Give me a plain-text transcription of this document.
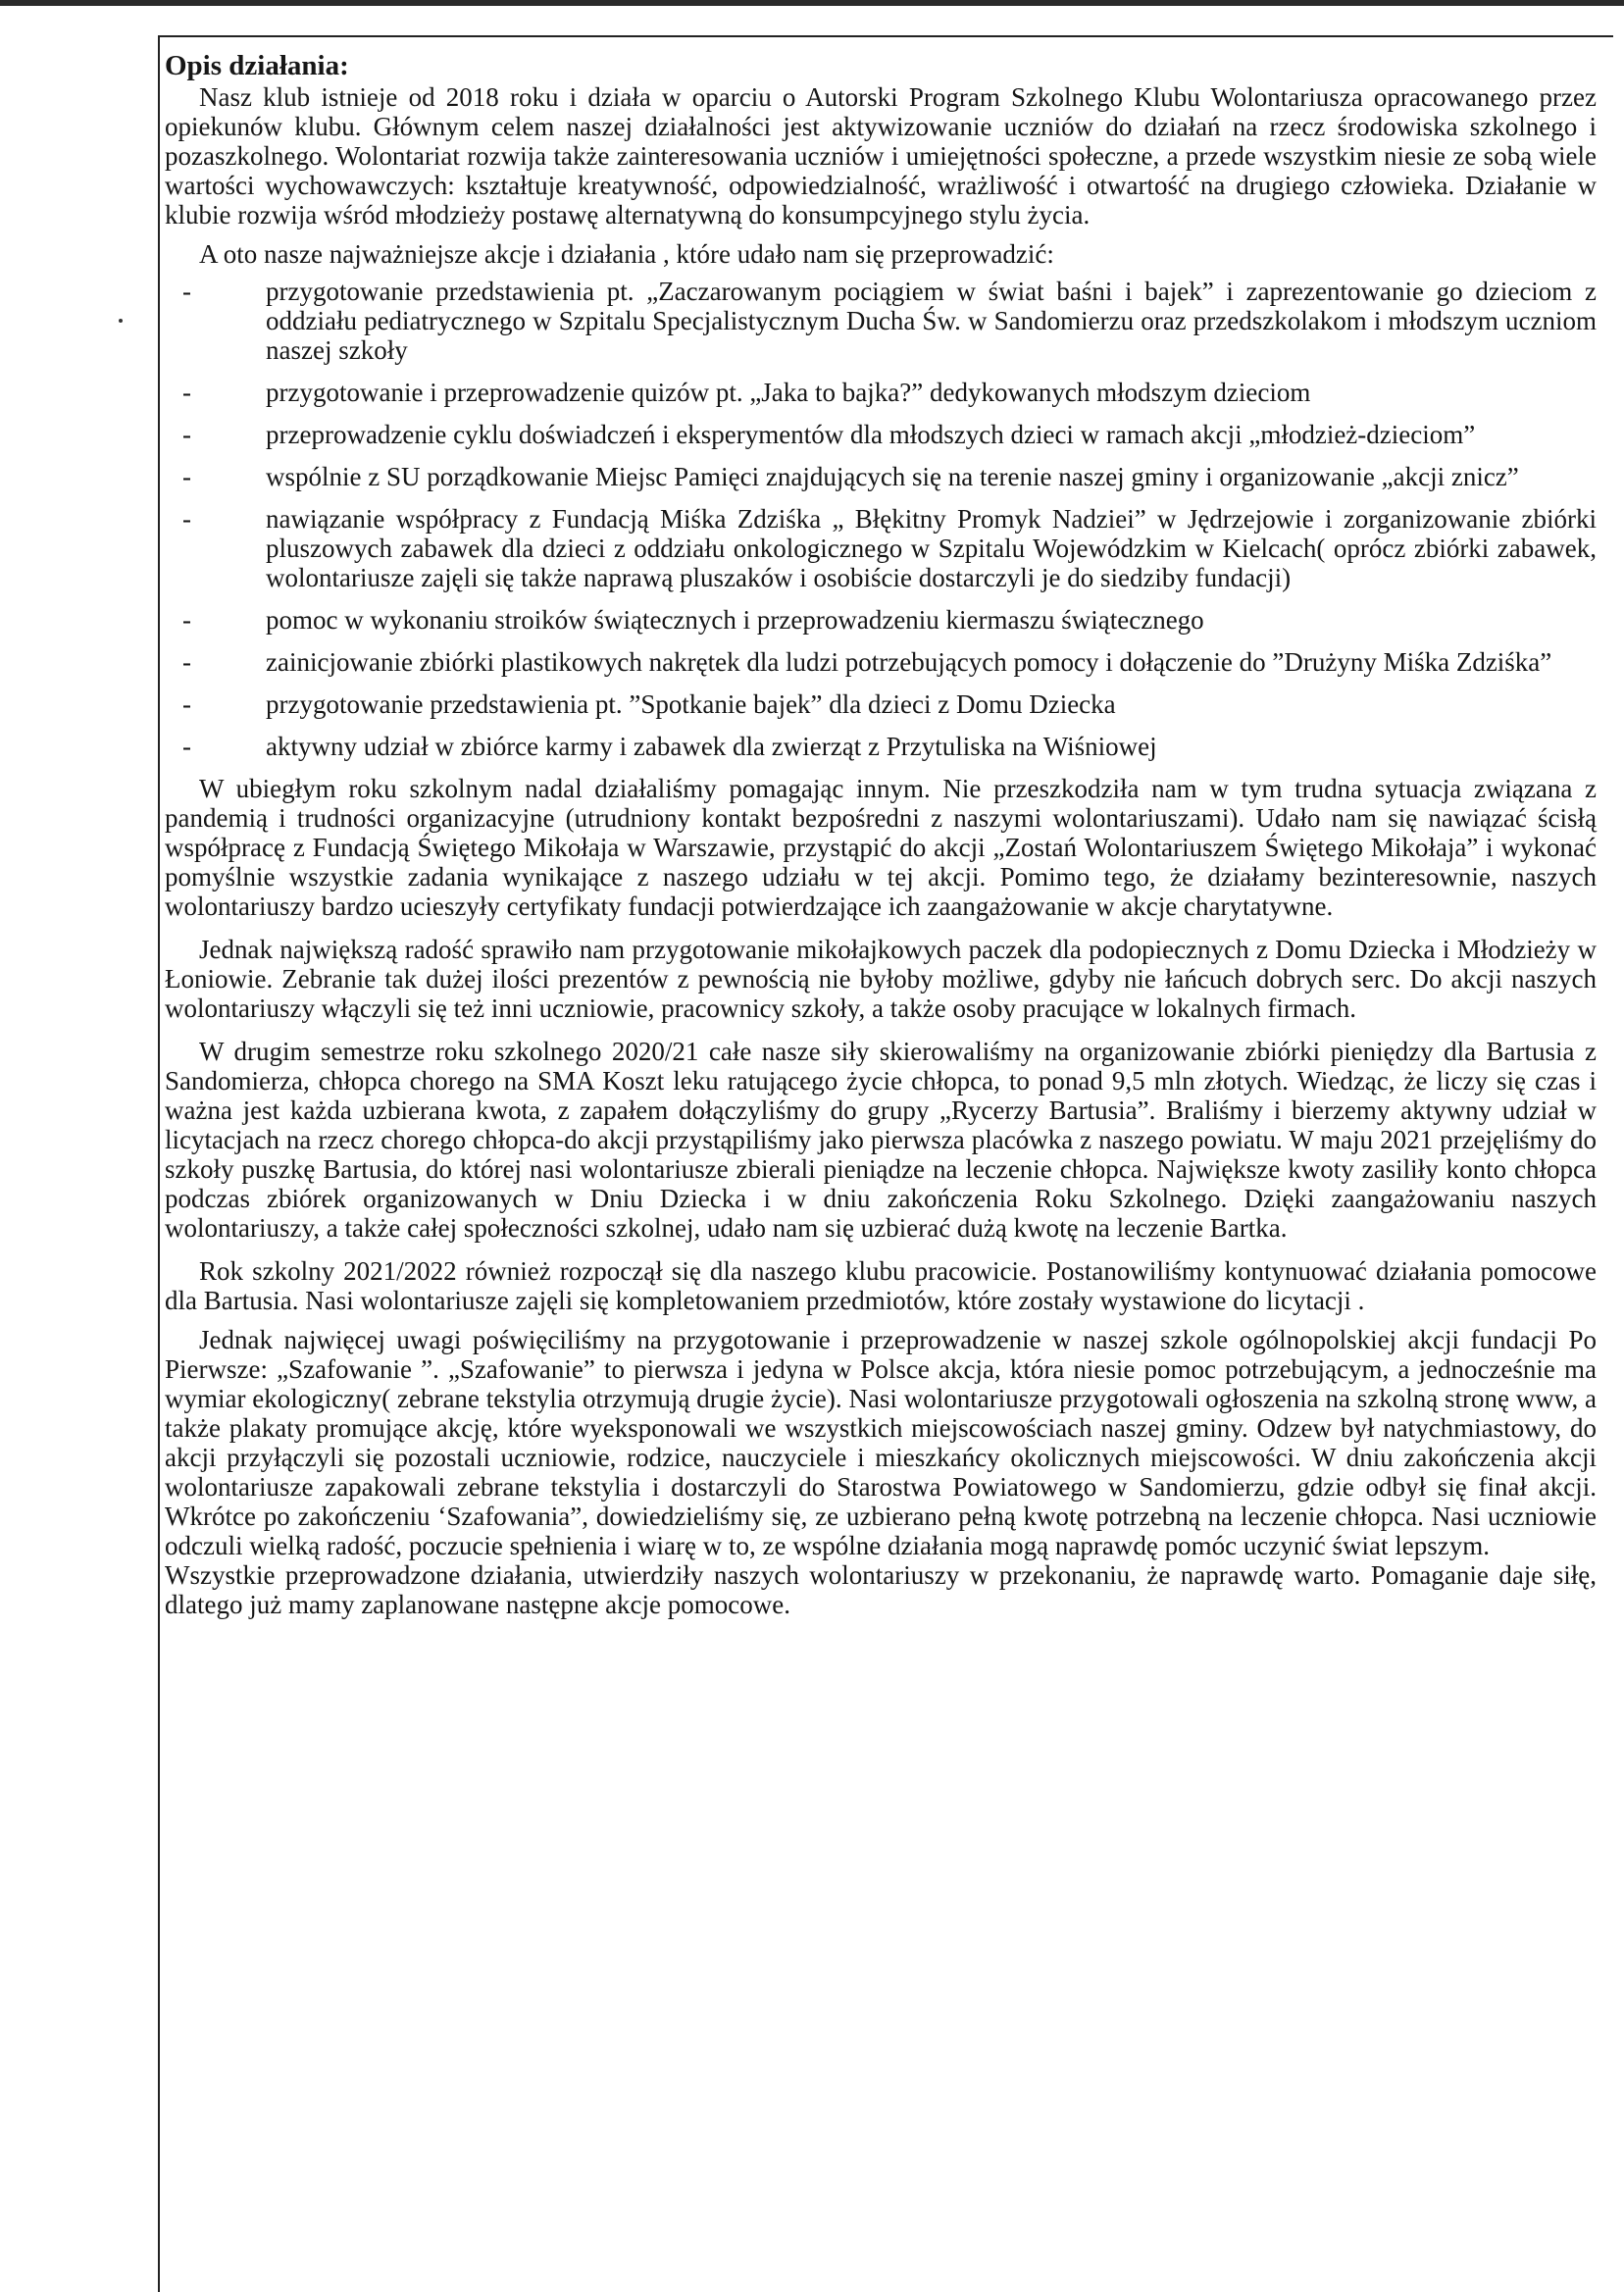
Opis działania:

Nasz klub istnieje od 2018 roku i działa w oparciu o Autorski Program Szkolnego Klubu Wolontariusza opracowanego przez opiekunów klubu. Głównym celem naszej działalności jest aktywizowanie uczniów do działań na rzecz środowiska szkolnego i pozaszkolnego. Wolontariat rozwija także zainteresowania uczniów i umiejętności społeczne, a przede wszystkim niesie ze sobą wiele wartości wychowawczych: kształtuje kreatywność, odpowiedzialność, wrażliwość i otwartość na drugiego człowieka. Działanie w klubie rozwija wśród młodzieży postawę alternatywną do konsumpcyjnego stylu życia.

A oto nasze najważniejsze akcje i działania , które udało nam się przeprowadzić:

- przygotowanie przedstawienia pt. „Zaczarowanym pociągiem w świat baśni i bajek” i zaprezentowanie go dzieciom z oddziału pediatrycznego w Szpitalu Specjalistycznym Ducha Św. w Sandomierzu oraz przedszkolakom i młodszym uczniom naszej szkoły
- przygotowanie i przeprowadzenie quizów pt. „Jaka to bajka?” dedykowanych młodszym dzieciom
- przeprowadzenie cyklu doświadczeń i eksperymentów dla młodszych dzieci w ramach akcji „młodzież-dzieciom”
- wspólnie z SU porządkowanie Miejsc Pamięci znajdujących się na terenie naszej gminy i organizowanie „akcji znicz”
- nawiązanie współpracy z Fundacją Miśka Zdziśka „ Błękitny Promyk Nadziei” w Jędrzejowie i zorganizowanie zbiórki pluszowych zabawek dla dzieci z oddziału onkologicznego w Szpitalu Wojewódzkim w Kielcach( oprócz zbiórki zabawek, wolontariusze zajęli się także naprawą pluszaków i osobiście dostarczyli je do siedziby fundacji)
- pomoc w wykonaniu stroików świątecznych i przeprowadzeniu kiermaszu świątecznego
- zainicjowanie zbiórki plastikowych nakrętek dla ludzi potrzebujących pomocy i dołączenie do ”Drużyny Miśka Zdziśka”
- przygotowanie przedstawienia pt. ”Spotkanie bajek” dla dzieci z Domu Dziecka
- aktywny udział w zbiórce karmy i zabawek dla zwierząt z Przytuliska na Wiśniowej

W ubiegłym roku szkolnym nadal działaliśmy pomagając innym. Nie przeszkodziła nam w tym trudna sytuacja związana z pandemią i trudności organizacyjne (utrudniony kontakt bezpośredni z naszymi wolontariuszami). Udało nam się nawiązać ścisłą współpracę z Fundacją Świętego Mikołaja w Warszawie, przystąpić do akcji „Zostań Wolontariuszem Świętego Mikołaja” i wykonać pomyślnie wszystkie zadania wynikające z naszego udziału w tej akcji. Pomimo tego, że działamy bezinteresownie, naszych wolontariuszy bardzo ucieszyły certyfikaty fundacji potwierdzające ich zaangażowanie w akcje charytatywne.

Jednak największą radość sprawiło nam przygotowanie mikołajkowych paczek dla podopiecznych z Domu Dziecka i Młodzieży w Łoniowie. Zebranie tak dużej ilości prezentów z pewnością nie byłoby możliwe, gdyby nie łańcuch dobrych serc. Do akcji naszych wolontariuszy włączyli się też inni uczniowie, pracownicy szkoły, a także osoby pracujące w lokalnych firmach.

W drugim semestrze roku szkolnego 2020/21 całe nasze siły skierowaliśmy na organizowanie zbiórki pieniędzy dla Bartusia z Sandomierza, chłopca chorego na SMA Koszt leku ratującego życie chłopca, to ponad 9,5 mln złotych. Wiedząc, że liczy się czas i ważna jest każda uzbierana kwota, z zapałem dołączyliśmy do grupy „Rycerzy Bartusia”. Braliśmy i bierzemy aktywny udział w licytacjach na rzecz chorego chłopca-do akcji przystąpiliśmy jako pierwsza placówka z naszego powiatu. W maju 2021 przejęliśmy do szkoły puszkę Bartusia, do której nasi wolontariusze zbierali pieniądze na leczenie chłopca. Największe kwoty zasiliły konto chłopca podczas zbiórek organizowanych w Dniu Dziecka i w dniu zakończenia Roku Szkolnego. Dzięki zaangażowaniu naszych wolontariuszy, a także całej społeczności szkolnej, udało nam się uzbierać dużą kwotę na leczenie Bartka.

Rok szkolny 2021/2022 również rozpoczął się dla naszego klubu pracowicie. Postanowiliśmy kontynuować działania pomocowe dla Bartusia. Nasi wolontariusze zajęli się kompletowaniem przedmiotów, które zostały wystawione do licytacji .

Jednak najwięcej uwagi poświęciliśmy na przygotowanie i przeprowadzenie w naszej szkole ogólnopolskiej akcji fundacji Po Pierwsze: „Szafowanie ”. „Szafowanie” to pierwsza i jedyna w Polsce akcja, która niesie pomoc potrzebującym, a jednocześnie ma wymiar ekologiczny( zebrane tekstylia otrzymują drugie życie). Nasi wolontariusze przygotowali ogłoszenia na szkolną stronę www, a także plakaty promujące akcję, które wyeksponowali we wszystkich miejscowościach naszej gminy. Odzew był natychmiastowy, do akcji przyłączyli się pozostali uczniowie, rodzice, nauczyciele i mieszkańcy okolicznych miejscowości. W dniu zakończenia akcji wolontariusze zapakowali zebrane tekstylia i dostarczyli do Starostwa Powiatowego w Sandomierzu, gdzie odbył się finał akcji. Wkrótce po zakończeniu ‘Szafowania”, dowiedzieliśmy się, ze uzbierano pełną kwotę potrzebną na leczenie chłopca. Nasi uczniowie odczuli wielką radość, poczucie spełnienia i wiarę w to, ze wspólne działania mogą naprawdę pomóc uczynić świat lepszym.

Wszystkie przeprowadzone działania, utwierdziły naszych wolontariuszy w przekonaniu, że naprawdę warto. Pomaganie daje siłę, dlatego już mamy zaplanowane następne akcje pomocowe.
